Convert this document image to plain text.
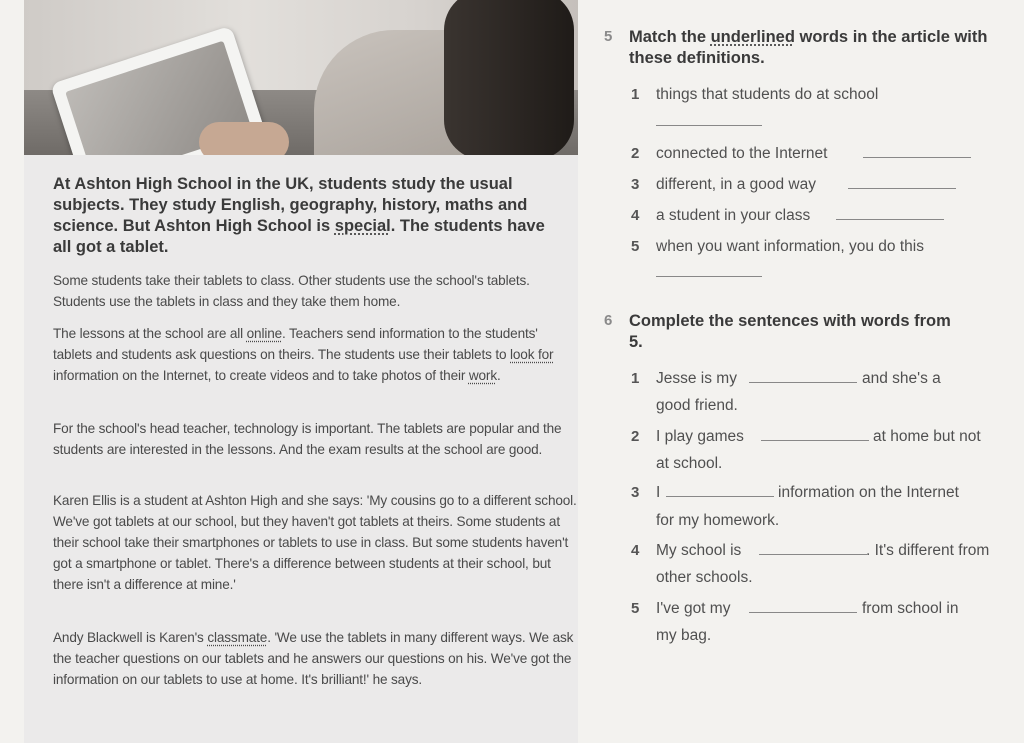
At Ashton High School in the UK, students study the usual subjects. They study English, geography, history, maths and science. But Ashton High School is special. The students have all got a tablet.
Some students take their tablets to class. Other students use the school's tablets. Students use the tablets in class and they take them home.
The lessons at the school are all online. Teachers send information to the students' tablets and students ask questions on theirs. The students use their tablets to look for information on the Internet, to create videos and to take photos of their work.
For the school's head teacher, technology is important. The tablets are popular and the students are interested in the lessons. And the exam results at the school are good.
Karen Ellis is a student at Ashton High and she says: 'My cousins go to a different school. We've got tablets at our school, but they haven't got tablets at theirs. Some students at their school take their smartphones or tablets to use in class. But some students haven't got a smartphone or tablet. There's a difference between students at their school, but there isn't a difference at mine.'
Andy Blackwell is Karen's classmate. 'We use the tablets in many different ways. We ask the teacher questions on our tablets and he answers our questions on his. We've got the information on our tablets to use at home. It's brilliant!' he says.
5 Match the underlined words in the article with these definitions.
1 things that students do at school
2 connected to the Internet
3 different, in a good way
4 a student in your class
5 when you want information, you do this
6 Complete the sentences with words from 5.
1 Jesse is my	and she's a
good friend.
2 I play games	at home but not
at school.
3 I	information on the Internet
for my homework.
4 My school is	. It's different from
other schools.
5 I've got my	from school in
my bag.
